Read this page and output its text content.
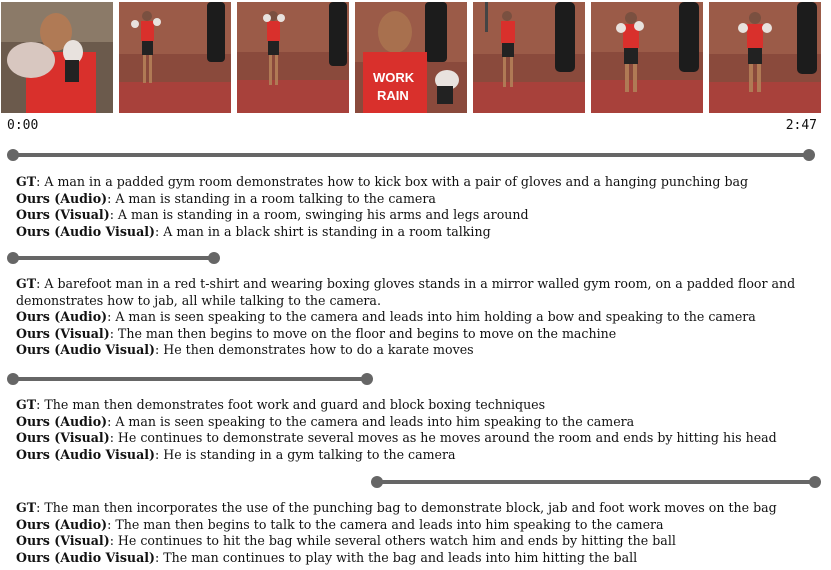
WORK
RAIN
0:00	2:47

GT: A man in a padded gym room demonstrates how to kick box with a pair of gloves and a hanging punching bag

Ours (Audio): A man is standing in a room talking to the camera

Ours (Visual): A man is standing in a room, swinging his arms and legs around

Ours (Audio Visual): A man in a black shirt is standing in a room talking

GT: A barefoot man in a red t-shirt and wearing boxing gloves stands in a mirror walled gym room, on a padded floor and demonstrates how to jab, all while talking to the camera.

Ours (Audio): A man is seen speaking to the camera and leads into him holding a bow and speaking to the camera

Ours (Visual): The man then begins to move on the floor and begins to move on the machine

Ours (Audio Visual): He then demonstrates how to do a karate moves

GT: The man then demonstrates foot work and guard and block boxing techniques

Ours (Audio): A man is seen speaking to the camera and leads into him speaking to the camera

Ours (Visual): He continues to demonstrate several moves as he moves around the room and ends by hitting his head

Ours (Audio Visual): He is standing in a gym talking to the camera

GT: The man then incorporates the use of the punching bag to demonstrate block, jab and foot work moves on the bag

Ours (Audio): The man then begins to talk to the camera and leads into him speaking to the camera

Ours (Visual): He continues to hit the bag while several others watch him and ends by hitting the ball

Ours (Audio Visual): The man continues to play with the bag and leads into him hitting the ball
